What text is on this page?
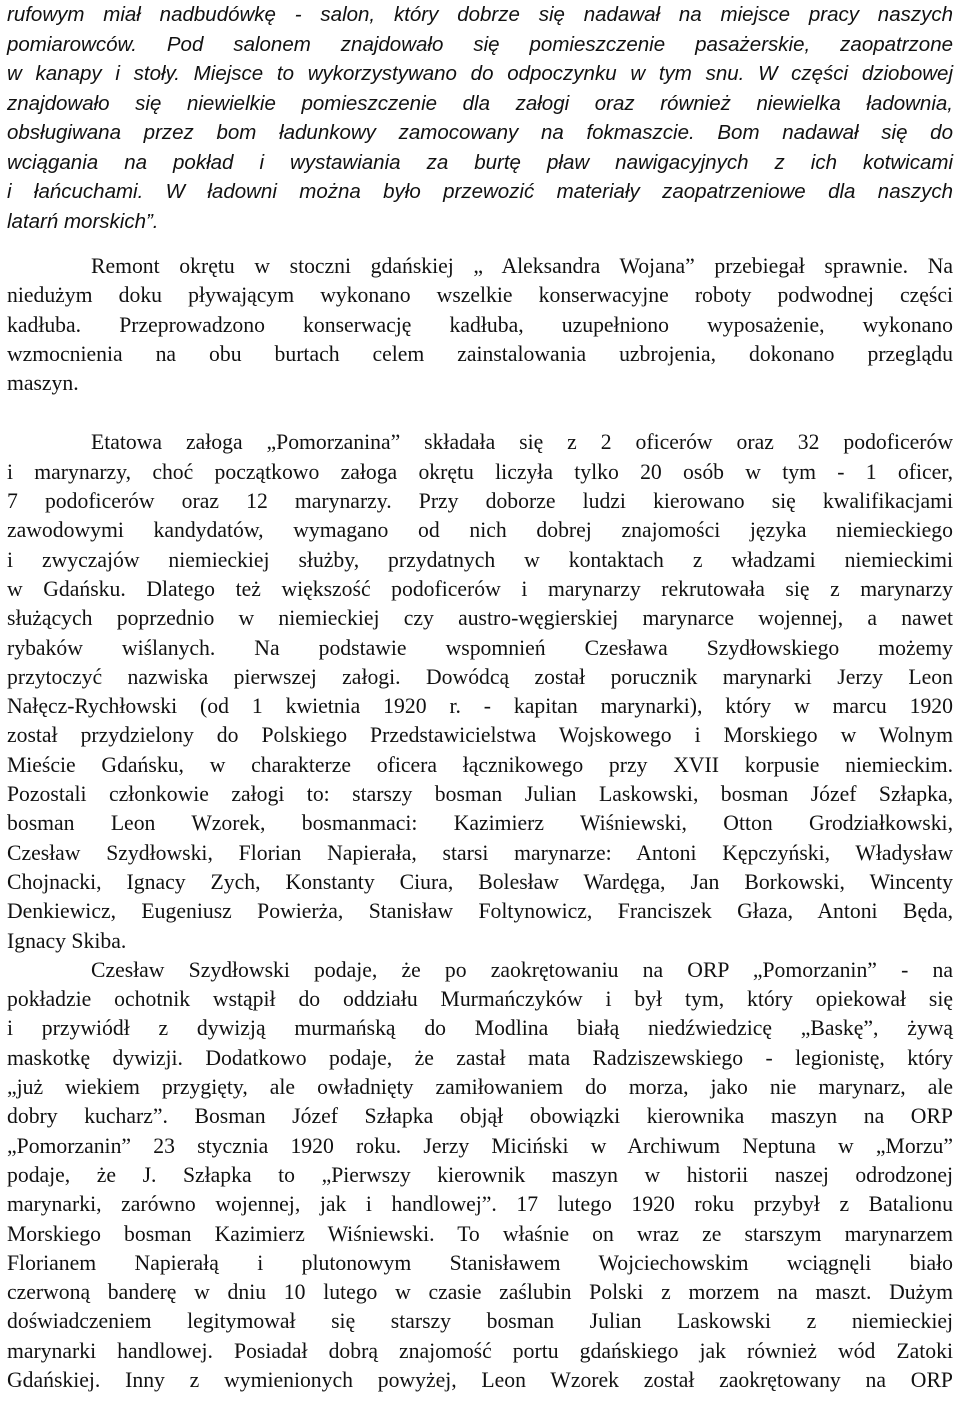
rufowym miał nadbudówkę - salon, który dobrze się nadawał na miejsce pracy naszych
pomiarowców. Pod salonem znajdowało się pomieszczenie pasażerskie, zaopatrzone
w kanapy i stoły. Miejsce to wykorzystywano do odpoczynku w tym snu. W części dziobowej
znajdowało się niewielkie pomieszczenie dla załogi oraz również niewielka ładownia,
obsługiwana przez bom ładunkowy zamocowany na fokmaszcie. Bom nadawał się do
wciągania na pokład i wystawiania za burtę pław nawigacyjnych z ich kotwicami
i łańcuchami. W ładowni można było przewozić materiały zaopatrzeniowe dla naszych
latarń morskich”.
Remont okrętu w stoczni gdańskiej „ Aleksandra Wojana” przebiegał sprawnie. Na
niedużym doku pływającym wykonano wszelkie konserwacyjne roboty podwodnej części
kadłuba. Przeprowadzono konserwację kadłuba, uzupełniono wyposażenie, wykonano
wzmocnienia na obu burtach celem zainstalowania uzbrojenia, dokonano przeglądu
maszyn.
Etatowa załoga „Pomorzanina” składała się z 2 oficerów oraz 32 podoficerów
i marynarzy, choć początkowo załoga okrętu liczyła tylko 20 osób w tym - 1 oficer,
7 podoficerów oraz 12 marynarzy. Przy doborze ludzi kierowano się kwalifikacjami
zawodowymi kandydatów, wymagano od nich dobrej znajomości języka niemieckiego
i zwyczajów niemieckiej służby, przydatnych w kontaktach z władzami niemieckimi
w Gdańsku. Dlatego też większość podoficerów i marynarzy rekrutowała się z marynarzy
służących poprzednio w niemieckiej czy austro-węgierskiej marynarce wojennej, a nawet
rybaków wiślanych. Na podstawie wspomnień Czesława Szydłowskiego możemy
przytoczyć nazwiska pierwszej załogi. Dowódcą został porucznik marynarki Jerzy Leon
Nałęcz-Rychłowski (od 1 kwietnia 1920 r. - kapitan marynarki), który w marcu 1920
został przydzielony do Polskiego Przedstawicielstwa Wojskowego i Morskiego w Wolnym
Mieście Gdańsku, w charakterze oficera łącznikowego przy XVII korpusie niemieckim.
Pozostali członkowie załogi to: starszy bosman Julian Laskowski, bosman Józef Szłapka,
bosman Leon Wzorek, bosmanmaci: Kazimierz Wiśniewski, Otton Grodziałkowski,
Czesław Szydłowski, Florian Napierała, starsi marynarze: Antoni Kępczyński, Władysław
Chojnacki, Ignacy Zych, Konstanty Ciura, Bolesław Wardęga, Jan Borkowski, Wincenty
Denkiewicz, Eugeniusz Powierża, Stanisław Foltynowicz, Franciszek Głaza, Antoni Będa,
Ignacy Skiba.
Czesław Szydłowski podaje, że po zaokrętowaniu na ORP „Pomorzanin” - na
pokładzie ochotnik wstąpił do oddziału Murmańczyków i był tym, który opiekował się
i przywiódł z dywizją murmańską do Modlina białą niedźwiedzicę „Baskę”, żywą
maskotkę dywizji. Dodatkowo podaje, że zastał mata Radziszewskiego - legionistę, który
„już wiekiem przygięty, ale owładnięty zamiłowaniem do morza, jako nie marynarz, ale
dobry kucharz”. Bosman Józef Szłapka objął obowiązki kierownika maszyn na ORP
„Pomorzanin” 23 stycznia 1920 roku. Jerzy Miciński w Archiwum Neptuna w „Morzu”
podaje, że J. Szłapka to „Pierwszy kierownik maszyn w historii naszej odrodzonej
marynarki, zarówno wojennej, jak i handlowej”. 17 lutego 1920 roku przybył z Batalionu
Morskiego bosman Kazimierz Wiśniewski. To właśnie on wraz ze starszym marynarzem
Florianem Napierałą i plutonowym Stanisławem Wojciechowskim wciągnęli biało
czerwoną banderę w dniu 10 lutego w czasie zaślubin Polski z morzem na maszt. Dużym
doświadczeniem legitymował się starszy bosman Julian Laskowski z niemieckiej
marynarki handlowej. Posiadał dobrą znajomość portu gdańskiego jak również wód Zatoki
Gdańskiej. Inny z wymienionych powyżej, Leon Wzorek został zaokrętowany na ORP
